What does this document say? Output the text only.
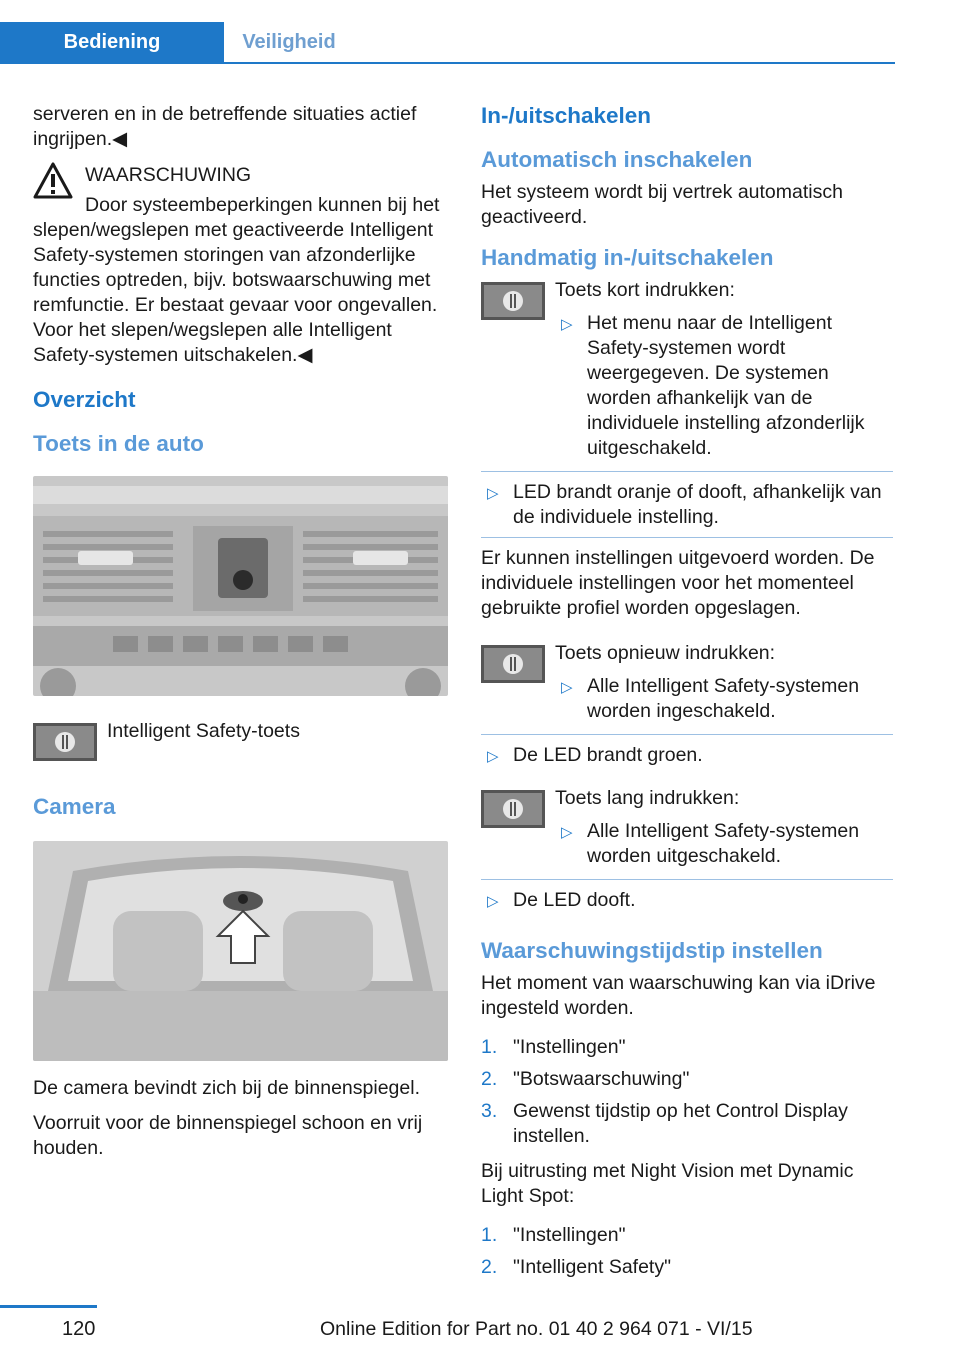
Bediening	Veiligheid

serveren en in de betreffende situaties actief ingrijpen.◀

WAARSCHUWING

Door systeembeperkingen kunnen bij het slepen/wegslepen met geactiveerde Intelligent Safety-systemen storingen van afzonderlijke functies optreden, bijv. botswaarschuwing met remfunctie. Er bestaat gevaar voor ongevallen. Voor het slepen/wegslepen alle Intelligent Safety-systemen uitschakelen.◀

Overzicht
Toets in de auto
Intelligent Safety-toets
Camera

De camera bevindt zich bij de binnenspiegel.

Voorruit voor de binnenspiegel schoon en vrij houden.

In-/uitschakelen
Automatisch inschakelen

Het systeem wordt bij vertrek automatisch geactiveerd.

Handmatig in-/uitschakelen
Toets kort indrukken:
▷ Het menu naar de Intelligent Safety-systemen wordt weergegeven. De systemen worden afhankelijk van de individuele instelling afzonderlijk uitgeschakeld.
▷ LED brandt oranje of dooft, afhankelijk van de individuele instelling.

Er kunnen instellingen uitgevoerd worden. De individuele instellingen voor het momenteel gebruikte profiel worden opgeslagen.

Toets opnieuw indrukken:
▷ Alle Intelligent Safety-systemen worden ingeschakeld.
▷ De LED brandt groen.
Toets lang indrukken:
▷ Alle Intelligent Safety-systemen worden uitgeschakeld.
▷ De LED dooft.
Waarschuwingstijdstip instellen

Het moment van waarschuwing kan via iDrive ingesteld worden.

1. "Instellingen"
2. "Botswaarschuwing"
3. Gewenst tijdstip op het Control Display instellen.

Bij uitrusting met Night Vision met Dynamic Light Spot:

1. "Instellingen"
2. "Intelligent Safety"
120	Online Edition for Part no. 01 40 2 964 071 - VI/15
